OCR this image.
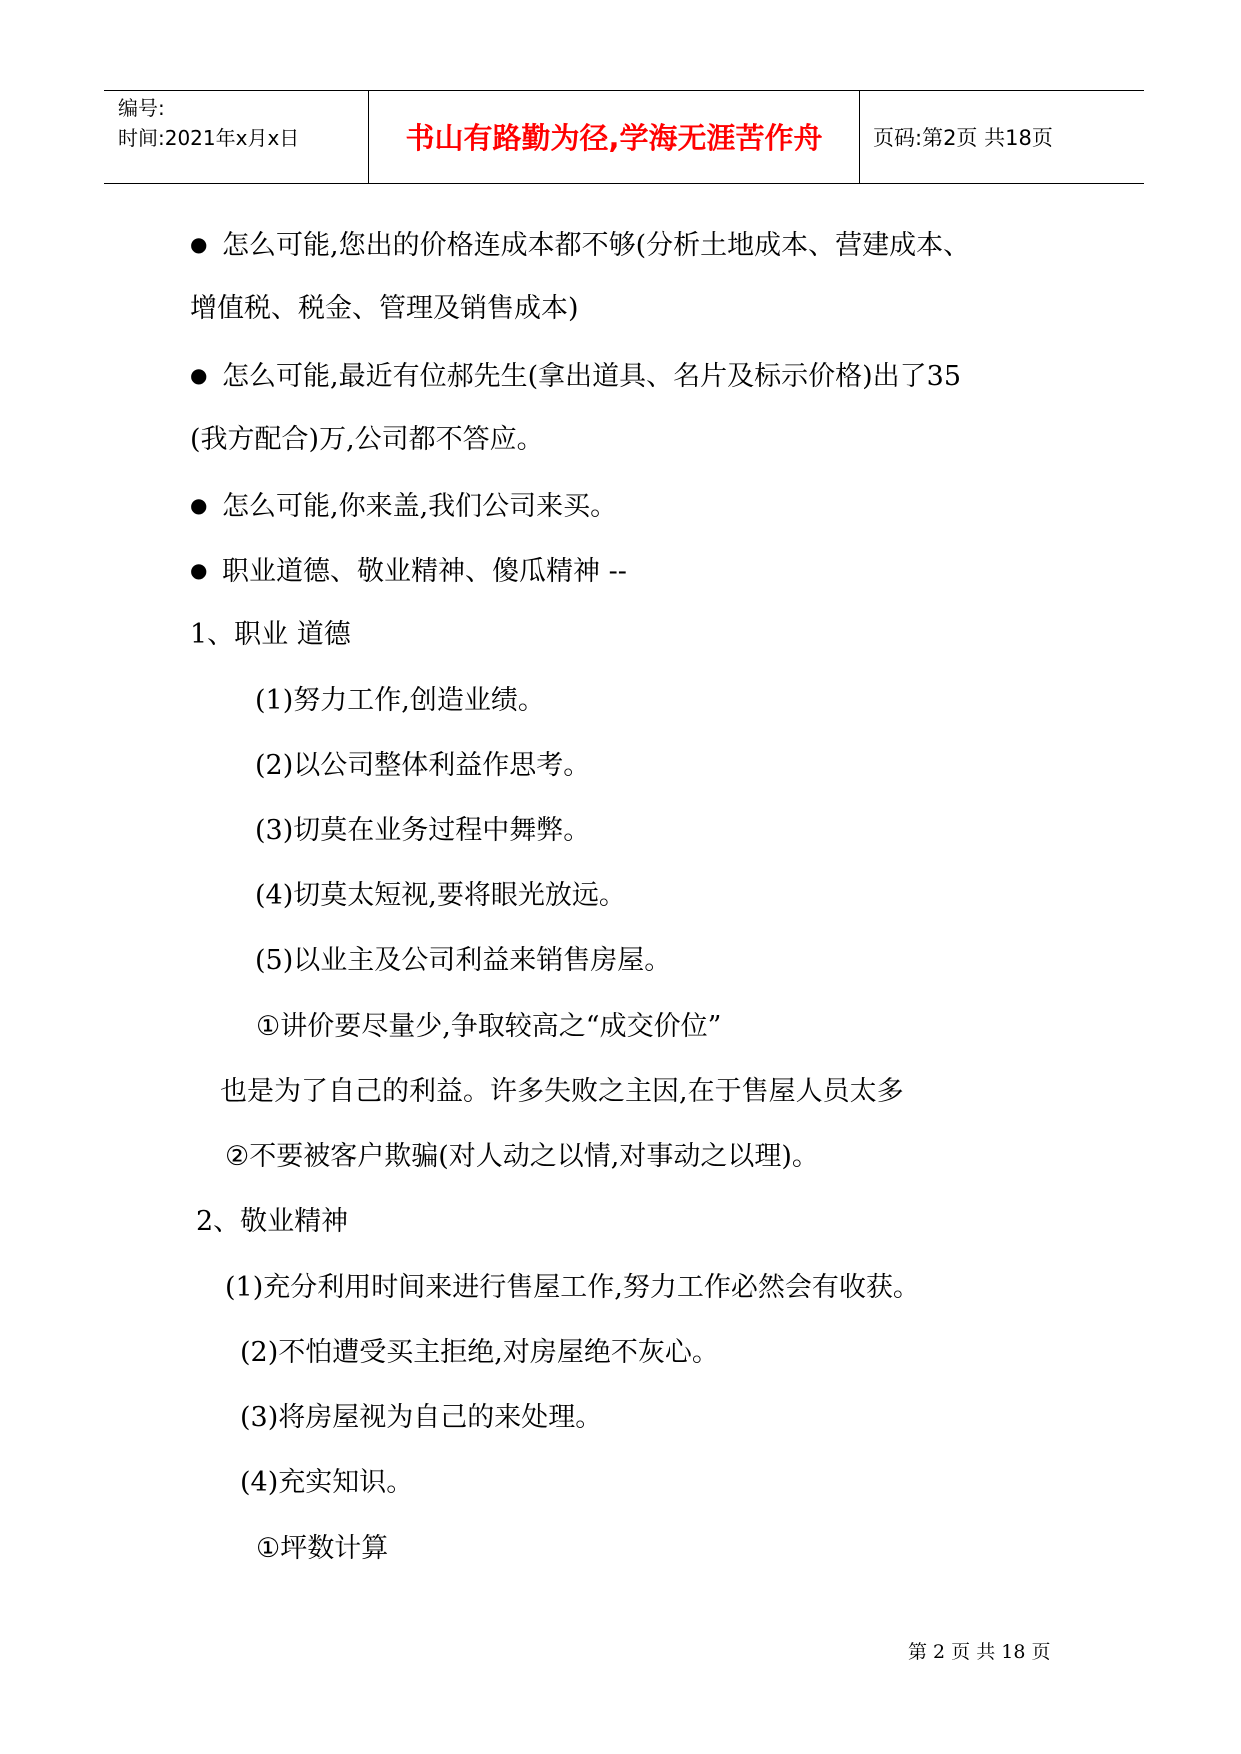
编号:
时间:2021年x月x日	书山有路勤为径,学海无涯苦作舟	页码:第2页 共18页
● 怎么可能,您出的价格连成本都不够(分析土地成本、营建成本、
增值税、税金、管理及销售成本)
● 怎么可能,最近有位郝先生(拿出道具、名片及标示价格)出了35
(我方配合)万,公司都不答应。
● 怎么可能,你来盖,我们公司来买。
● 职业道德、敬业精神、傻瓜精神 --
1、职业 道德
(1)努力工作,创造业绩。
(2)以公司整体利益作思考。
(3)切莫在业务过程中舞弊。
(4)切莫太短视,要将眼光放远。
(5)以业主及公司利益来销售房屋。
①讲价要尽量少,争取较高之“成交价位”
也是为了自己的利益。许多失败之主因,在于售屋人员太多
②不要被客户欺骗(对人动之以情,对事动之以理)。
2、敬业精神
(1)充分利用时间来进行售屋工作,努力工作必然会有收获。
(2)不怕遭受买主拒绝,对房屋绝不灰心。
(3)将房屋视为自己的来处理。
(4)充实知识。
①坪数计算
第 2 页 共 18 页
